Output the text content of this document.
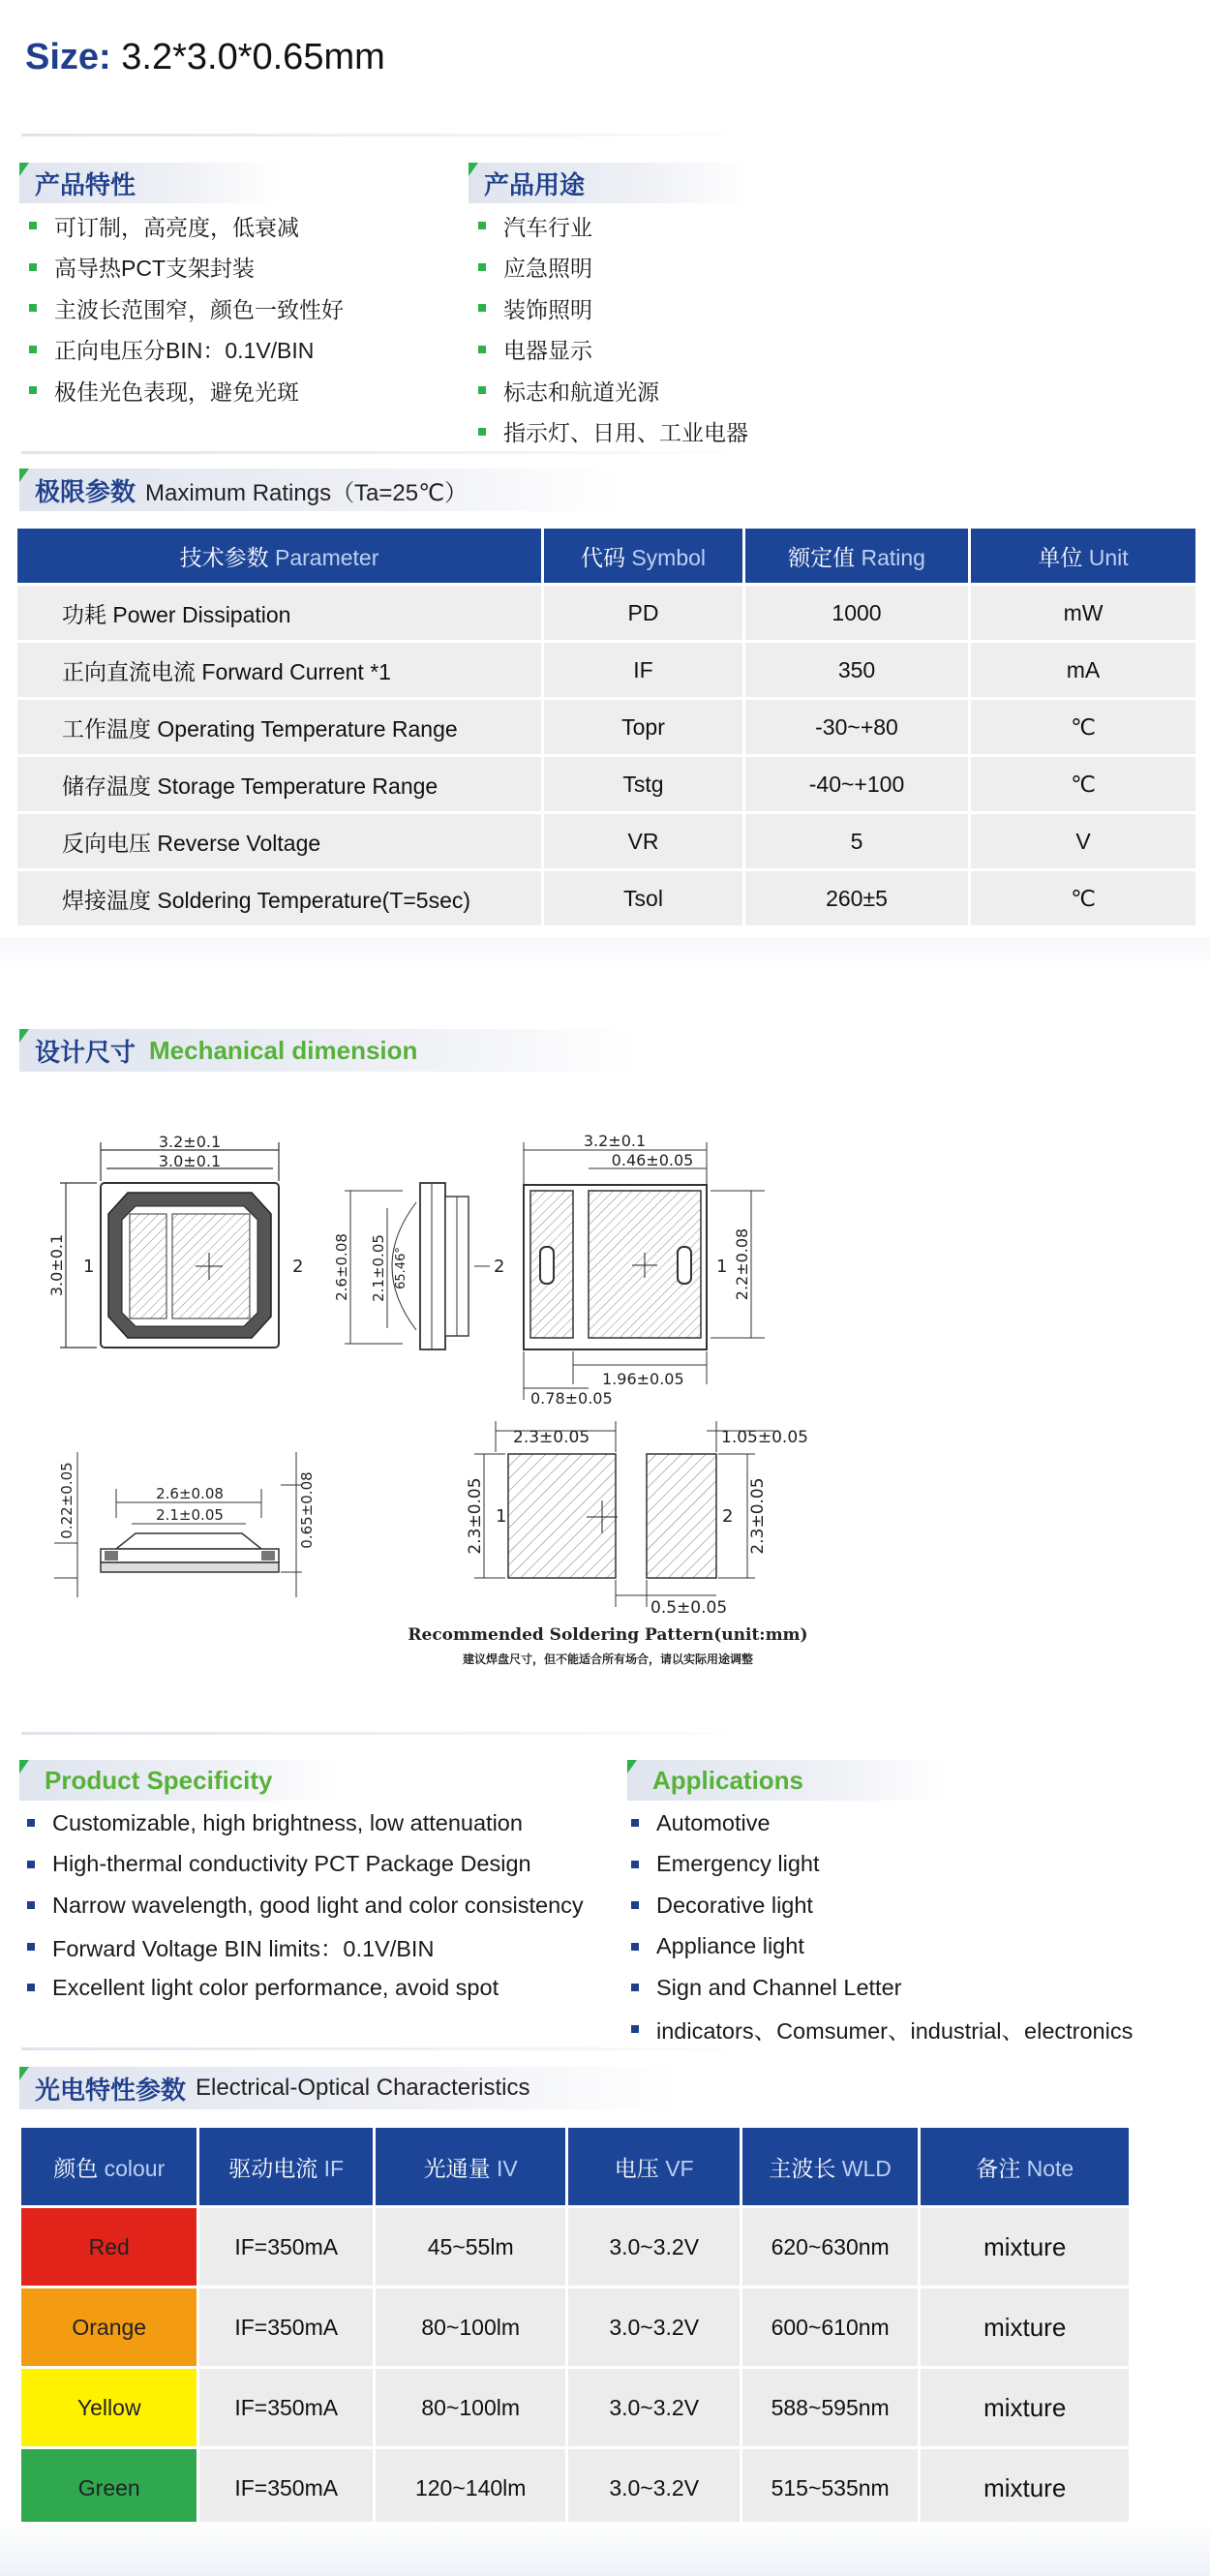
Size: 3.2*3.0*0.65mm
产品特性
可订制，高亮度，低衰减
高导热PCT支架封装
主波长范围窄，颜色一致性好
正向电压分BIN：0.1V/BIN
极佳光色表现，避免光斑
产品用途
汽车行业
应急照明
装饰照明
电器显示
标志和航道光源
指示灯、日用、工业电器
极限参数 Maximum Ratings（Ta=25℃）
技术参数 Parameter	代码 Symbol	额定值 Rating	单位 Unit
功耗 Power Dissipation	PD	1000	mW
正向直流电流 Forward Current *1	IF	350	mA
工作温度 Operating Temperature Range	Topr	-30~+80	℃
储存温度 Storage Temperature Range	Tstg	-40~+100	℃
反向电压 Reverse Voltage	VR	5	V
焊接温度 Soldering Temperature(T=5sec)	Tsol	260±5	℃
设计尺寸 Mechanical dimension
3.2±0.1
3.0±0.1
3.0±0.1 1	2 2.6±0.08 2.1±0.05 65.46°
3.2±0.1
0.46±0.05
2.2±0.08
2	1
1.96±0.05
0.78±0.05
0.22±0.05	2.6±0.08
2.1±0.05	0.65±0.08
2.3±0.05
2.3±0.05 1	2
1.05±0.05
2.3±0.05
0.5±0.05
Recommended Soldering Pattern(unit:mm)
建议焊盘尺寸，但不能适合所有场合，请以实际用途调整
Product Specificity
Customizable, high brightness, low attenuation
High-thermal conductivity PCT Package Design
Narrow wavelength, good light and color consistency
Forward Voltage BIN limits：0.1V/BIN
Excellent light color performance, avoid spot
Applications
Automotive
Emergency light
Decorative light
Appliance light
Sign and Channel Letter
indicators、Comsumer、industrial、electronics
光电特性参数 Electrical-Optical Characteristics
颜色 colour	驱动电流 IF	光通量 IV	电压 VF	主波长 WLD	备注 Note
Red	IF=350mA	45~55lm	3.0~3.2V	620~630nm	mixture
Orange	IF=350mA	80~100lm	3.0~3.2V	600~610nm	mixture
Yellow	IF=350mA	80~100lm	3.0~3.2V	588~595nm	mixture
Green	IF=350mA	120~140lm	3.0~3.2V	515~535nm	mixture
